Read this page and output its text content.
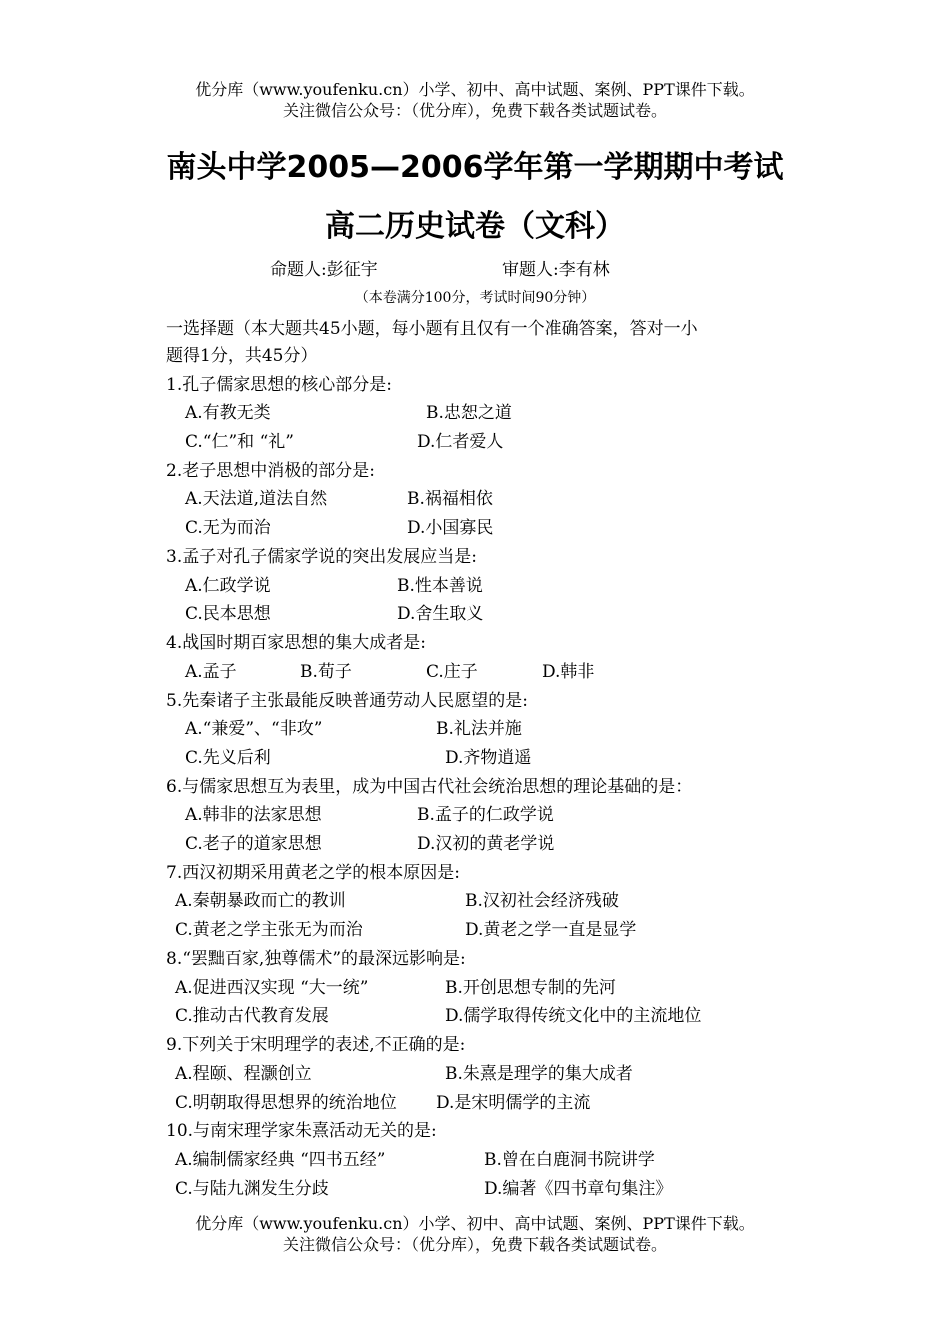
优分库（www.youfenku.cn）小学、初中、高中试题、案例、PPT课件下载。
关注微信公众号：（优分库），免费下载各类试题试卷。
南头中学2005—2006学年第一学期期中考试
高二历史试卷（文科）
命题人:彭征宇	审题人:李有林
（本卷满分100分，考试时间90分钟）
一选择题（本大题共45小题，每小题有且仅有一个准确答案，答对一小
题得1分，共45分）
1.孔子儒家思想的核心部分是:
A.有教无类	B.忠恕之道
C.“仁”和 “礼”	D.仁者爱人
2.老子思想中消极的部分是:
A.天法道,道法自然	B.祸福相依
C.无为而治	D.小国寡民
3.孟子对孔子儒家学说的突出发展应当是:
A.仁政学说	B.性本善说
C.民本思想	D.舍生取义
4.战国时期百家思想的集大成者是:
A.孟子	B.荀子	C.庄子	D.韩非
5.先秦诸子主张最能反映普通劳动人民愿望的是:
A.“兼爱”、“非攻”	B.礼法并施
C.先义后利	D.齐物逍遥
6.与儒家思想互为表里，成为中国古代社会统治思想的理论基础的是：
A.韩非的法家思想	B.孟子的仁政学说
C.老子的道家思想	D.汉初的黄老学说
7.西汉初期采用黄老之学的根本原因是:
A.秦朝暴政而亡的教训	B.汉初社会经济残破
C.黄老之学主张无为而治	D.黄老之学一直是显学
8.“罢黜百家,独尊儒术”的最深远影响是:
A.促进西汉实现 “大一统”	B.开创思想专制的先河
C.推动古代教育发展	D.儒学取得传统文化中的主流地位
9.下列关于宋明理学的表述,不正确的是:
A.程颐、程灏创立	B.朱熹是理学的集大成者
C.明朝取得思想界的统治地位 D.是宋明儒学的主流
10.与南宋理学家朱熹活动无关的是:
A.编制儒家经典 “四书五经”	B.曾在白鹿洞书院讲学
C.与陆九渊发生分歧	D.编著《四书章句集注》
优分库（www.youfenku.cn）小学、初中、高中试题、案例、PPT课件下载。
关注微信公众号：（优分库），免费下载各类试题试卷。
